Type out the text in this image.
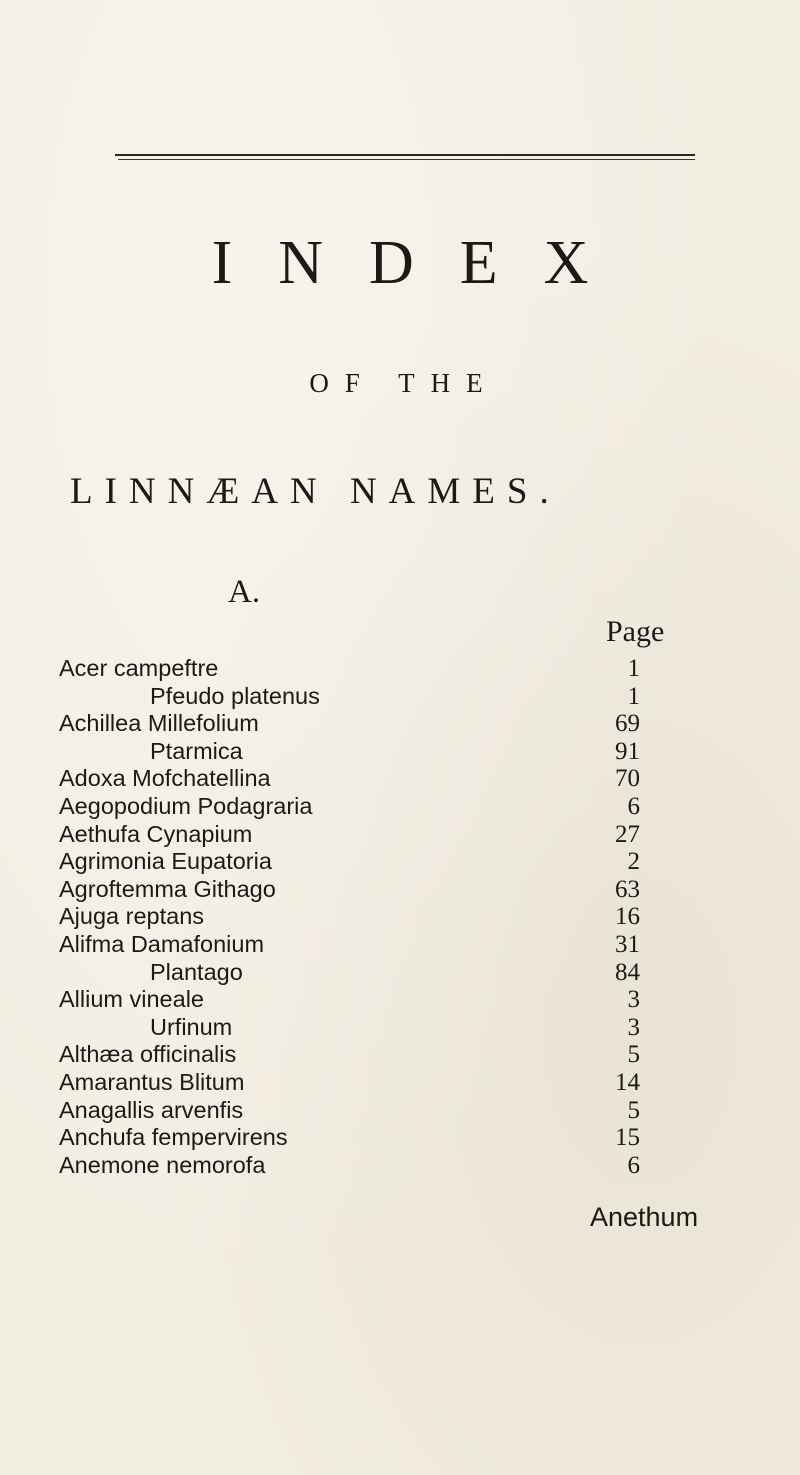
INDEX
OF THE
LINNÆAN NAMES.
A.
Page
Acer campeftre	1
Pfeudo platenus	1
Achillea Millefolium	69
Ptarmica	91
Adoxa Mofchatellina	70
Aegopodium Podagraria	6
Aethufa Cynapium	27
Agrimonia Eupatoria	2
Agroftemma Githago	63
Ajuga reptans	16
Alifma Damafonium	31
Plantago	84
Allium vineale	3
Urfinum	3
Althæa officinalis	5
Amarantus Blitum	14
Anagallis arvenfis	5
Anchufa fempervirens	15
Anemone nemorofa	6
Anethum
